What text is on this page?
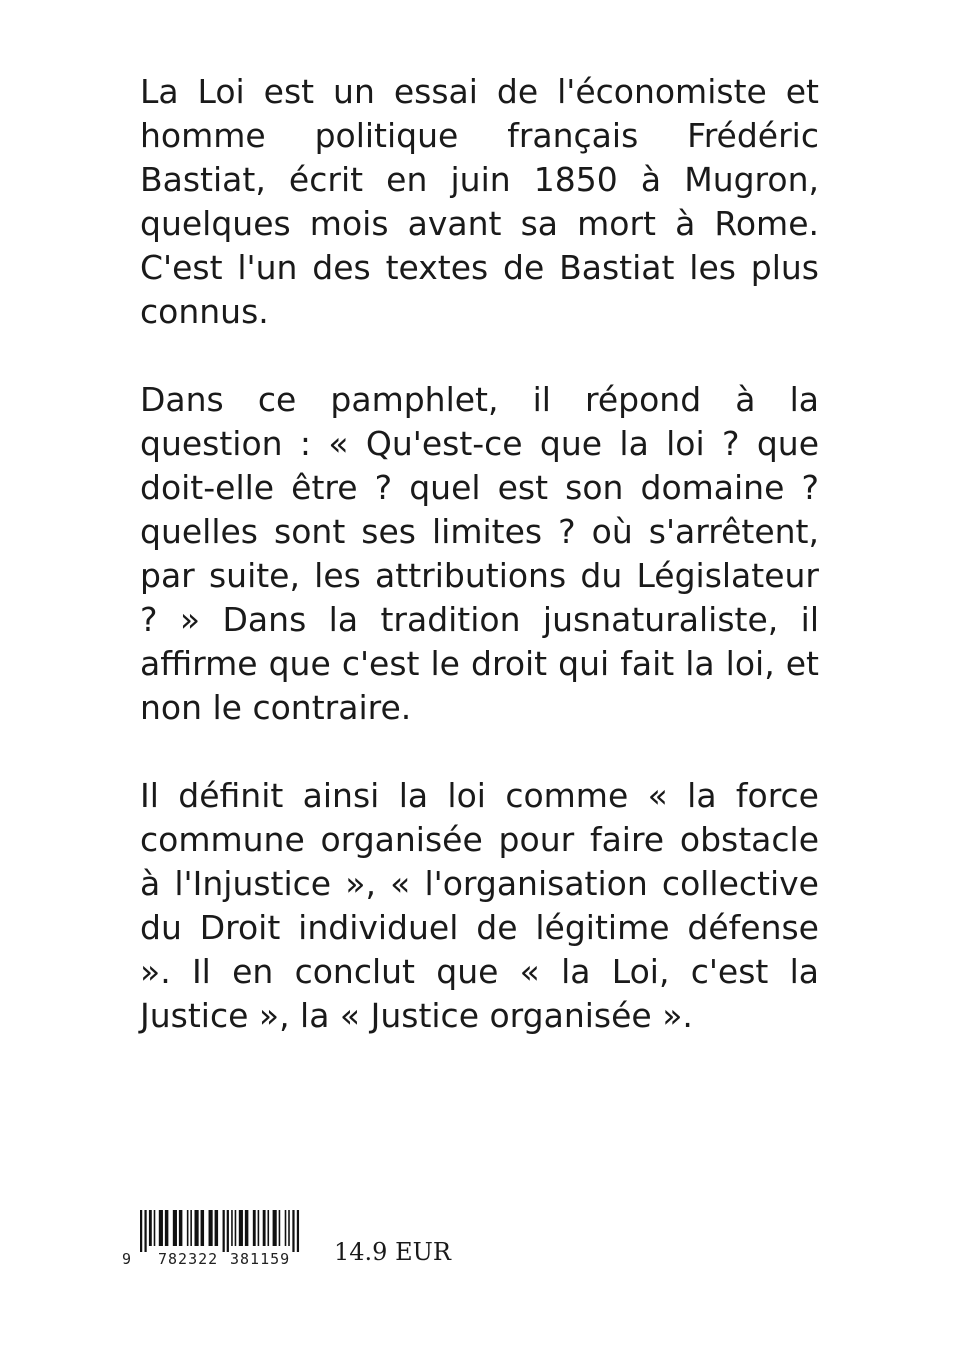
La Loi est un essai de l'économiste et homme politique français Frédéric Bastiat, écrit en juin 1850 à Mugron, quelques mois avant sa mort à Rome. C'est l'un des textes de Bastiat les plus connus.

Dans ce pamphlet, il répond à la question : « Qu'est-ce que la loi ? que doit-elle être ? quel est son domaine ? quelles sont ses limites ? où s'arrêtent, par suite, les attributions du Législateur ? » Dans la tradition jusnaturaliste, il affirme que c'est le droit qui fait la loi, et non le contraire.

Il définit ainsi la loi comme « la force commune organisée pour faire obstacle à l'Injustice », « l'organisation collective du Droit individuel de légitime défense ». Il en conclut que « la Loi, c'est la Justice », la « Justice organisée ».

9 782322 381159 14.9 EUR
